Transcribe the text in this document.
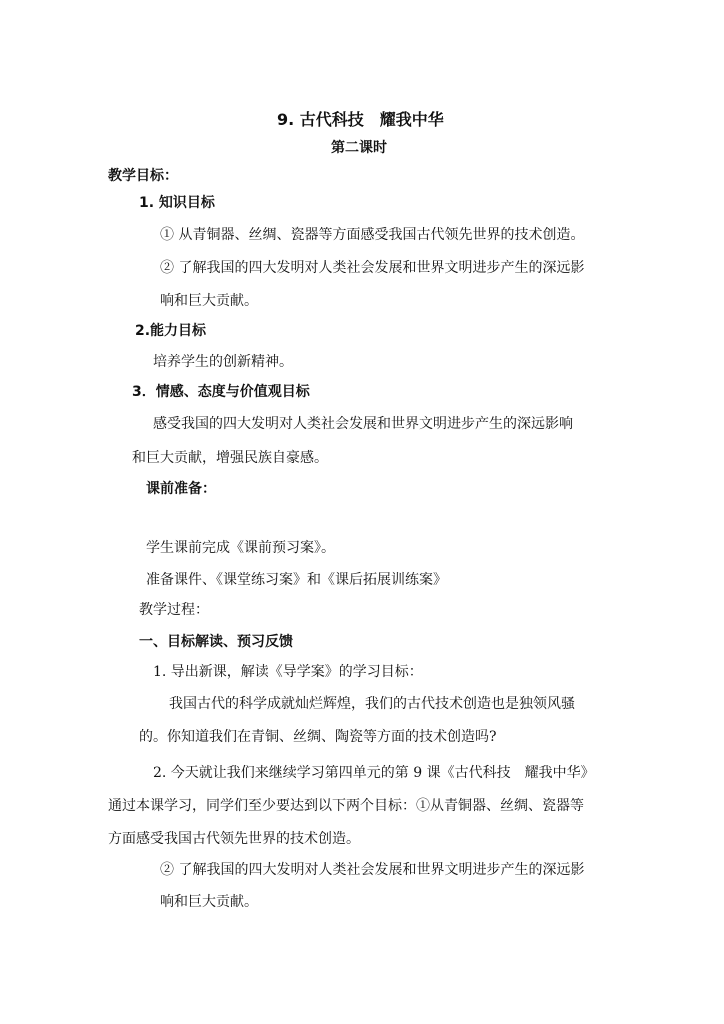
9. 古代科技　耀我中华
第二课时
教学目标：
1. 知识目标
① 从青铜器、丝绸、瓷器等方面感受我国古代领先世界的技术创造。
② 了解我国的四大发明对人类社会发展和世界文明进步产生的深远影
响和巨大贡献。
2.能力目标
培养学生的创新精神。
3．情感、态度与价值观目标
感受我国的四大发明对人类社会发展和世界文明进步产生的深远影响
和巨大贡献，增强民族自豪感。
课前准备：
学生课前完成《课前预习案》。
准备课件、《课堂练习案》和《课后拓展训练案》
教学过程：
一、目标解读、预习反馈
1. 导出新课，解读《导学案》的学习目标：
我国古代的科学成就灿烂辉煌，我们的古代技术创造也是独领风骚
的。你知道我们在青铜、丝绸、陶瓷等方面的技术创造吗?
2. 今天就让我们来继续学习第四单元的第 9 课《古代科技　耀我中华》
通过本课学习，同学们至少要达到以下两个目标：①从青铜器、丝绸、瓷器等
方面感受我国古代领先世界的技术创造。
② 了解我国的四大发明对人类社会发展和世界文明进步产生的深远影
响和巨大贡献。
